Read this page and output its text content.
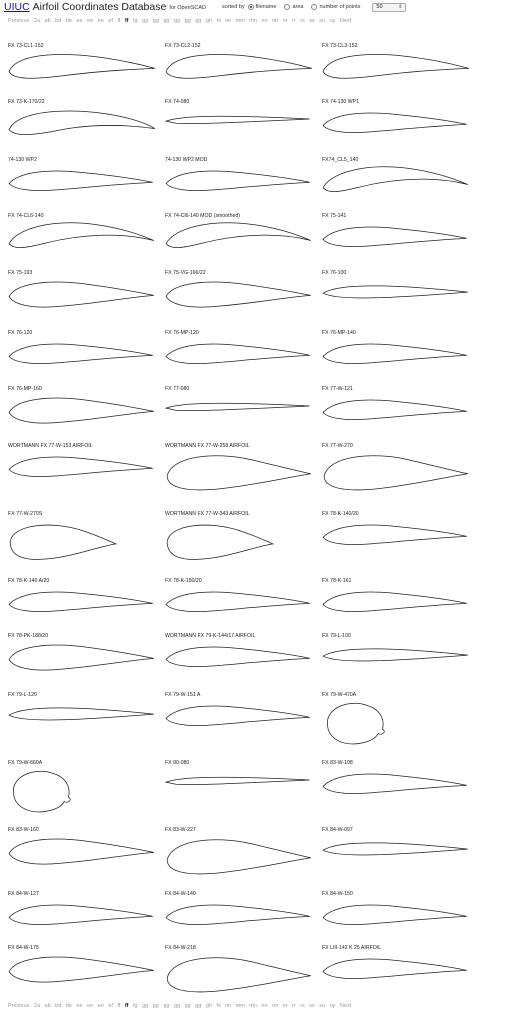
UIUC Airfoil Coordinates Database for OpenSCAD	sorted by filename	area	number of points	50	⇕
Previous 2a ab bd de ee ee ee ef ff ff fg gg gg gg gg gg gg gh hi im mm mn nn nn nr rr rs ss su uy Next
FX 73-CL1-152	FX 73-CL2-152	FX 73-CL3-152
FX 73-K-170/22	FX 74-080	FX 74-130 WP1
74-130 WP2	74-130 WP2 MOD	FX74_CL5_140
FX 74-CL6-140	FX 74-Cl6-140 MOD (smoothed)	FX 75-141
FX 75-193	FX 75-VG-166/22	FX 76-100
FX 76-120	FX 76-MP-120	FX 76-MP-140
FX 76-MP-160	FX 77-080	FX 77-W-121
WORTMANN FX 77-W-153 AIRFOIL	WORTMANN FX 77-W-258 AIRFOIL	FX 77-W-270
FX 77-W-270S	WORTMANN FX 77-W-343 AIRFOIL	FX 78-K-140/20
FX 78-K-140 A/20	FX 78-K-150/20	FX 78-K-161
FX 78-PK-188/20	WORTMANN FX 79-K-144/17 AIRFOIL	FX 79-L-100
FX 79-L-120	FX 79-W-151 A	FX 79-W-470A
FX 79-W-660A	FX 80-080	FX 83-W-108
FX 83-W-160	FX 83-W-227	FX 84-W-097
FX 84-W-127	FX 84-W-140	FX 84-W-150
FX 84-W-175	FX 84-W-218	FX LIII-142 K 25 AIRFOIL
Previous 2a ab bd de ee ee ee ef ff ff fg gg gg gg gg gg gg gh hi im mm mn nn nn nr rr rs ss su uy Next
